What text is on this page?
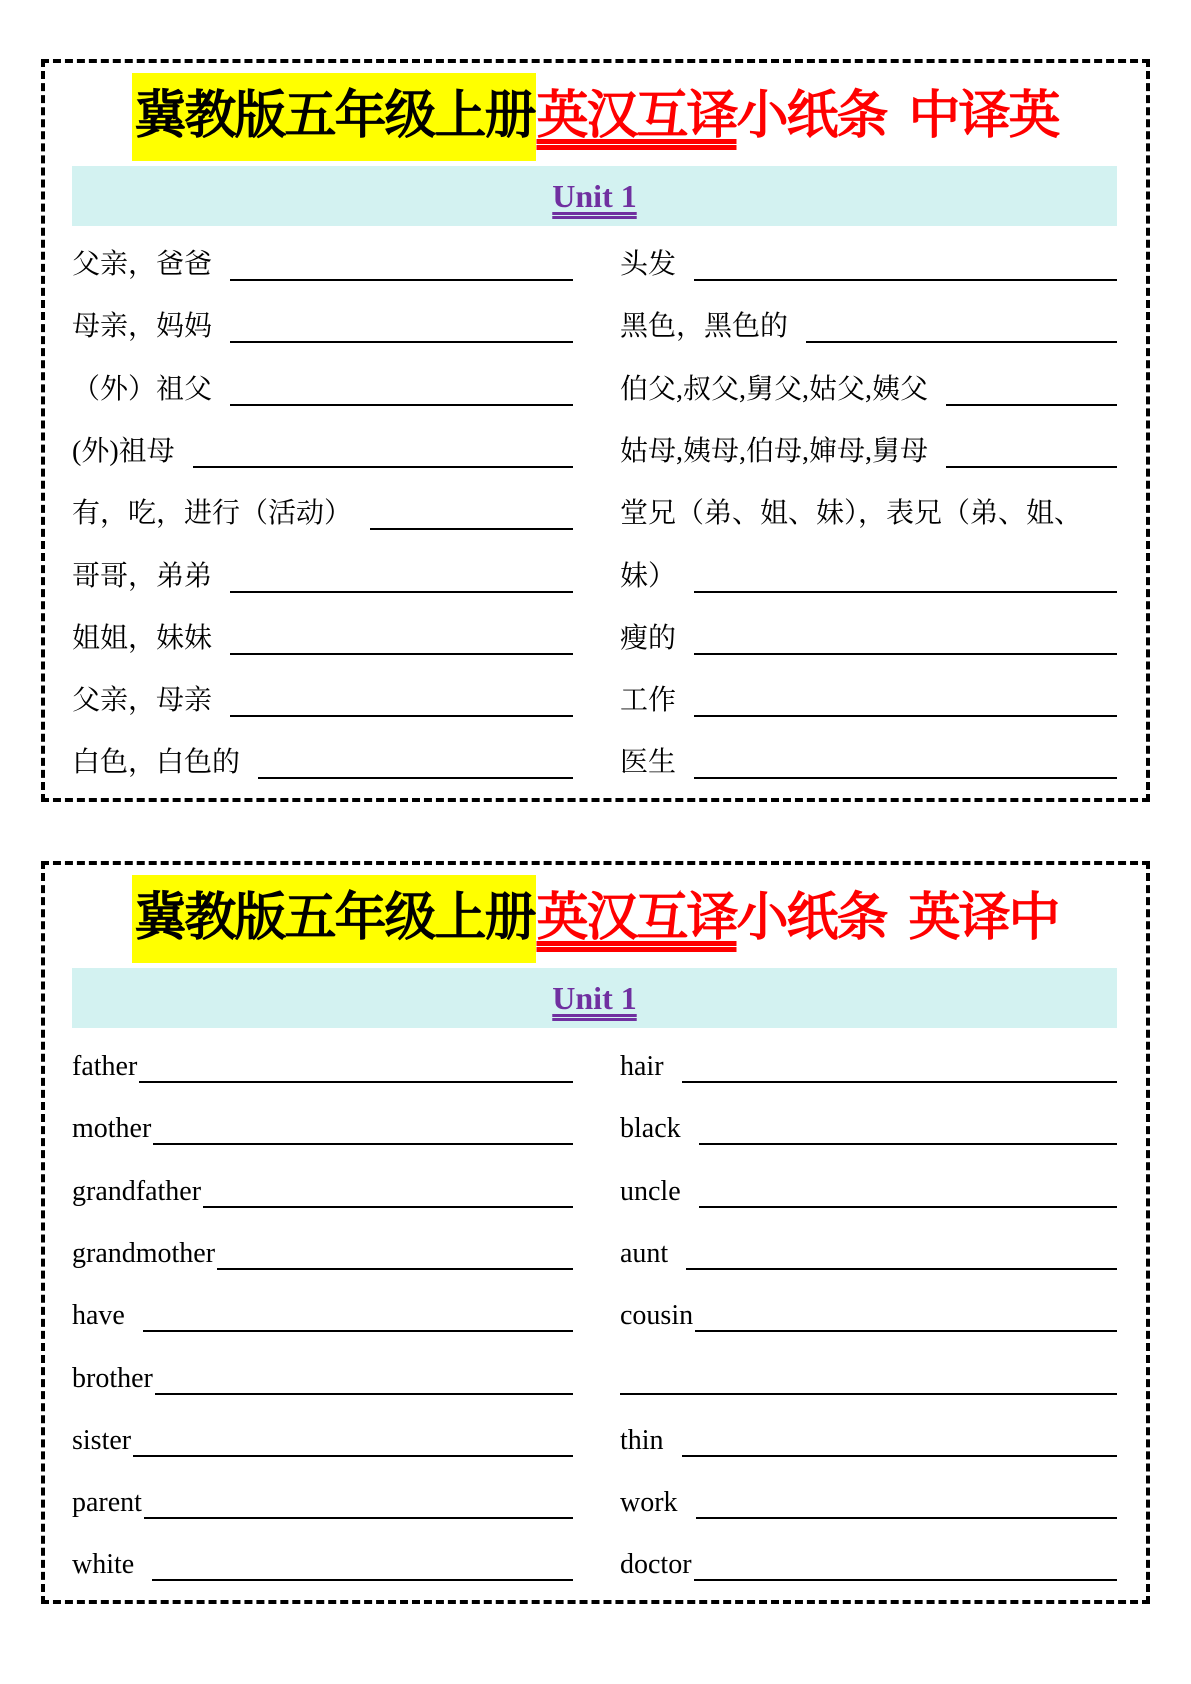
冀教版五年级上册英汉互译小纸条 中译英
Unit 1
父亲，爸爸
母亲，妈妈
（外）祖父
(外)祖母
有，吃，进行（活动）
哥哥，弟弟
姐姐，妹妹
父亲，母亲
白色，白色的
头发
黑色，黑色的
伯父,叔父,舅父,姑父,姨父
姑母,姨母,伯母,婶母,舅母
堂兄（弟、姐、妹），表兄（弟、姐、
妹）
瘦的
工作
医生
冀教版五年级上册英汉互译小纸条 英译中
Unit 1
father
mother
grandfather
grandmother
have
brother
sister
parent
white
hair
black
uncle
aunt
cousin
thin
work
doctor
